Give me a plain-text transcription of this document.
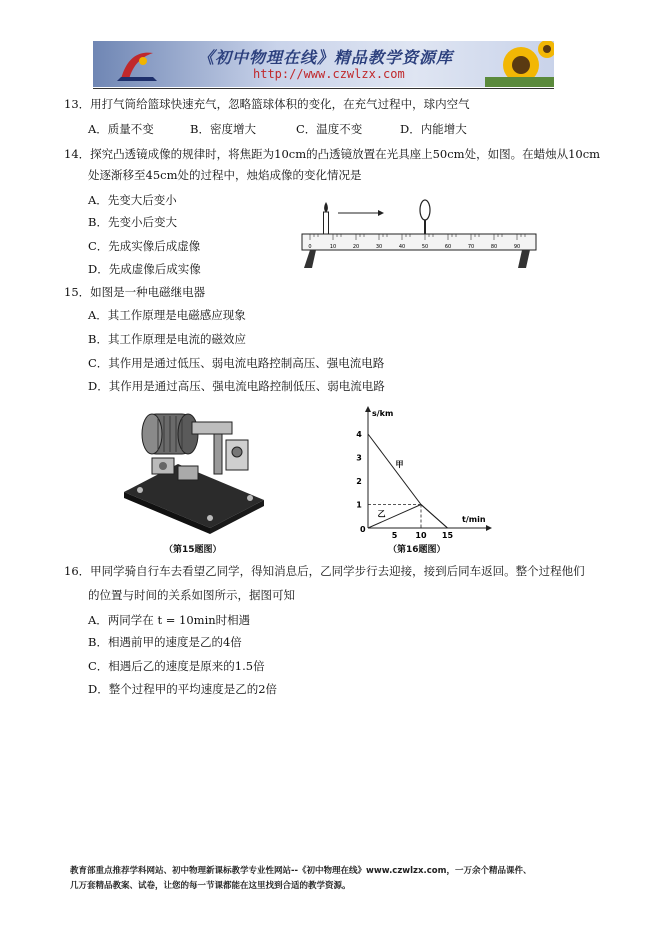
《初中物理在线》精品教学资源库
http://www.czwlzx.com
13．用打气筒给篮球快速充气，忽略篮球体积的变化，在充气过程中，球内空气
A．质量不变	B．密度增大	C．温度不变	D．内能增大
14．探究凸透镜成像的规律时，将焦距为10cm的凸透镜放置在光具座上50cm处，如图。在蜡烛从10cm
处逐渐移至45cm处的过程中，烛焰成像的变化情况是
A．先变大后变小
B．先变小后变大
C．先成实像后成虚像
D．先成虚像后成实像
0	10	20	30	40	50	60	70	80	90
15．如图是一种电磁继电器
A．其工作原理是电磁感应现象
B．其工作原理是电流的磁效应
C．其作用是通过低压、弱电流电路控制高压、强电流电路
D．其作用是通过高压、强电流电路控制低压、弱电流电路
（第15题图）
s/km
t/min
0
1
2
3
4
5 10 15
甲
乙
（第16题图）
16．甲同学骑自行车去看望乙同学，得知消息后，乙同学步行去迎接，接到后同车返回。整个过程他们
的位置与时间的关系如图所示，据图可知
A．两同学在 t = 10min时相遇
B．相遇前甲的速度是乙的4倍
C．相遇后乙的速度是原来的1.5倍
D．整个过程甲的平均速度是乙的2倍
教育部重点推荐学科网站、初中物理新课标教学专业性网站--《初中物理在线》www.czwlzx.com，一万余个精品课件、
几万套精品教案、试卷，让您的每一节课都能在这里找到合适的教学资源。
